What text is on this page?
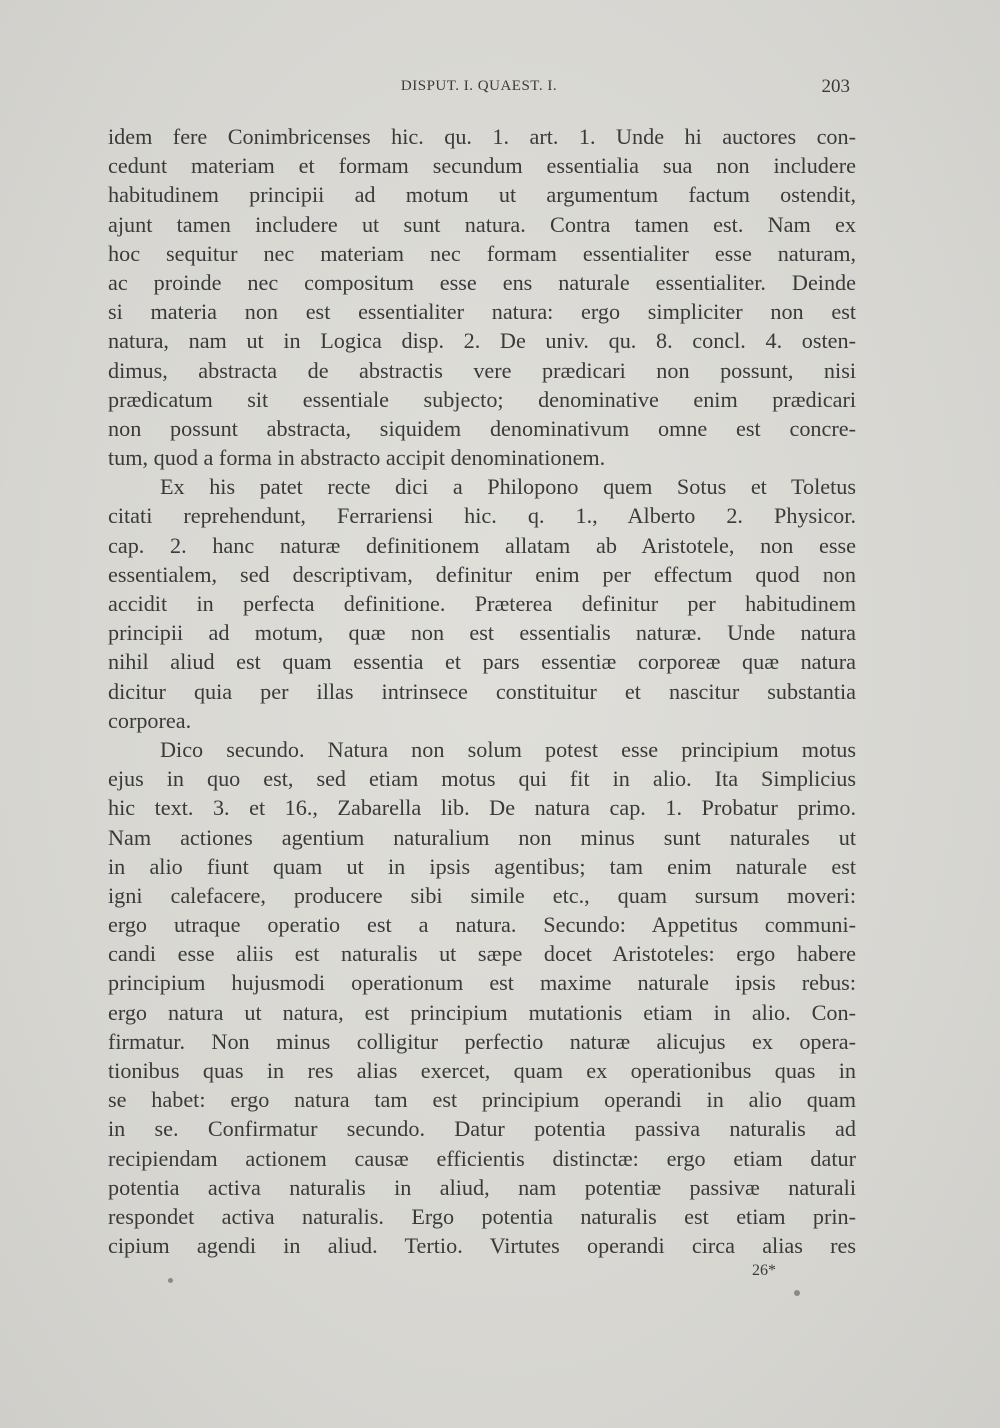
DISPUT. I. QUAEST. I.	203
idem fere Conimbricenses hic. qu. 1. art. 1. Unde hi auctores con-
cedunt materiam et formam secundum essentialia sua non includere
habitudinem principii ad motum ut argumentum factum ostendit,
ajunt tamen includere ut sunt natura. Contra tamen est. Nam ex
hoc sequitur nec materiam nec formam essentialiter esse naturam,
ac proinde nec compositum esse ens naturale essentialiter. Deinde
si materia non est essentialiter natura: ergo simpliciter non est
natura, nam ut in Logica disp. 2. De univ. qu. 8. concl. 4. osten-
dimus, abstracta de abstractis vere prædicari non possunt, nisi
prædicatum sit essentiale subjecto; denominative enim prædicari
non possunt abstracta, siquidem denominativum omne est concre-
tum, quod a forma in abstracto accipit denominationem.
Ex his patet recte dici a Philopono quem Sotus et Toletus
citati reprehendunt, Ferrariensi hic. q. 1., Alberto 2. Physicor.
cap. 2. hanc naturæ definitionem allatam ab Aristotele, non esse
essentialem, sed descriptivam, definitur enim per effectum quod non
accidit in perfecta definitione. Præterea definitur per habitudinem
principii ad motum, quæ non est essentialis naturæ. Unde natura
nihil aliud est quam essentia et pars essentiæ corporeæ quæ natura
dicitur quia per illas intrinsece constituitur et nascitur substantia
corporea.
Dico secundo. Natura non solum potest esse principium motus
ejus in quo est, sed etiam motus qui fit in alio. Ita Simplicius
hic text. 3. et 16., Zabarella lib. De natura cap. 1. Probatur primo.
Nam actiones agentium naturalium non minus sunt naturales ut
in alio fiunt quam ut in ipsis agentibus; tam enim naturale est
igni calefacere, producere sibi simile etc., quam sursum moveri:
ergo utraque operatio est a natura. Secundo: Appetitus communi-
candi esse aliis est naturalis ut sæpe docet Aristoteles: ergo habere
principium hujusmodi operationum est maxime naturale ipsis rebus:
ergo natura ut natura, est principium mutationis etiam in alio. Con-
firmatur. Non minus colligitur perfectio naturæ alicujus ex opera-
tionibus quas in res alias exercet, quam ex operationibus quas in
se habet: ergo natura tam est principium operandi in alio quam
in se. Confirmatur secundo. Datur potentia passiva naturalis ad
recipiendam actionem causæ efficientis distinctæ: ergo etiam datur
potentia activa naturalis in aliud, nam potentiæ passivæ naturali
respondet activa naturalis. Ergo potentia naturalis est etiam prin-
cipium agendi in aliud. Tertio. Virtutes operandi circa alias res
26*
